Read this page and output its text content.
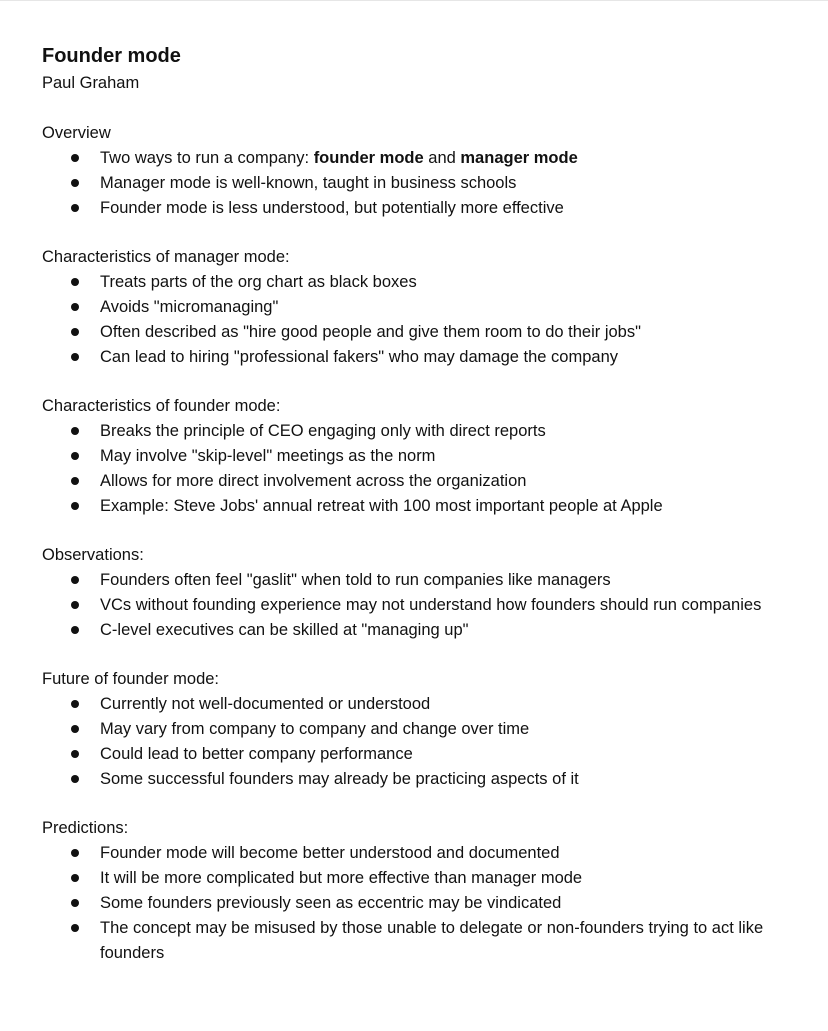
Founder mode

Paul Graham

Overview

Two ways to run a company: founder mode and manager mode
Manager mode is well-known, taught in business schools
Founder mode is less understood, but potentially more effective

Characteristics of manager mode:

Treats parts of the org chart as black boxes
Avoids "micromanaging"
Often described as "hire good people and give them room to do their jobs"
Can lead to hiring "professional fakers" who may damage the company

Characteristics of founder mode:

Breaks the principle of CEO engaging only with direct reports
May involve "skip-level" meetings as the norm
Allows for more direct involvement across the organization
Example: Steve Jobs' annual retreat with 100 most important people at Apple

Observations:

Founders often feel "gaslit" when told to run companies like managers
VCs without founding experience may not understand how founders should run companies
C-level executives can be skilled at "managing up"

Future of founder mode:

Currently not well-documented or understood
May vary from company to company and change over time
Could lead to better company performance
Some successful founders may already be practicing aspects of it

Predictions:

Founder mode will become better understood and documented
It will be more complicated but more effective than manager mode
Some founders previously seen as eccentric may be vindicated
The concept may be misused by those unable to delegate or non-founders trying to act like founders
